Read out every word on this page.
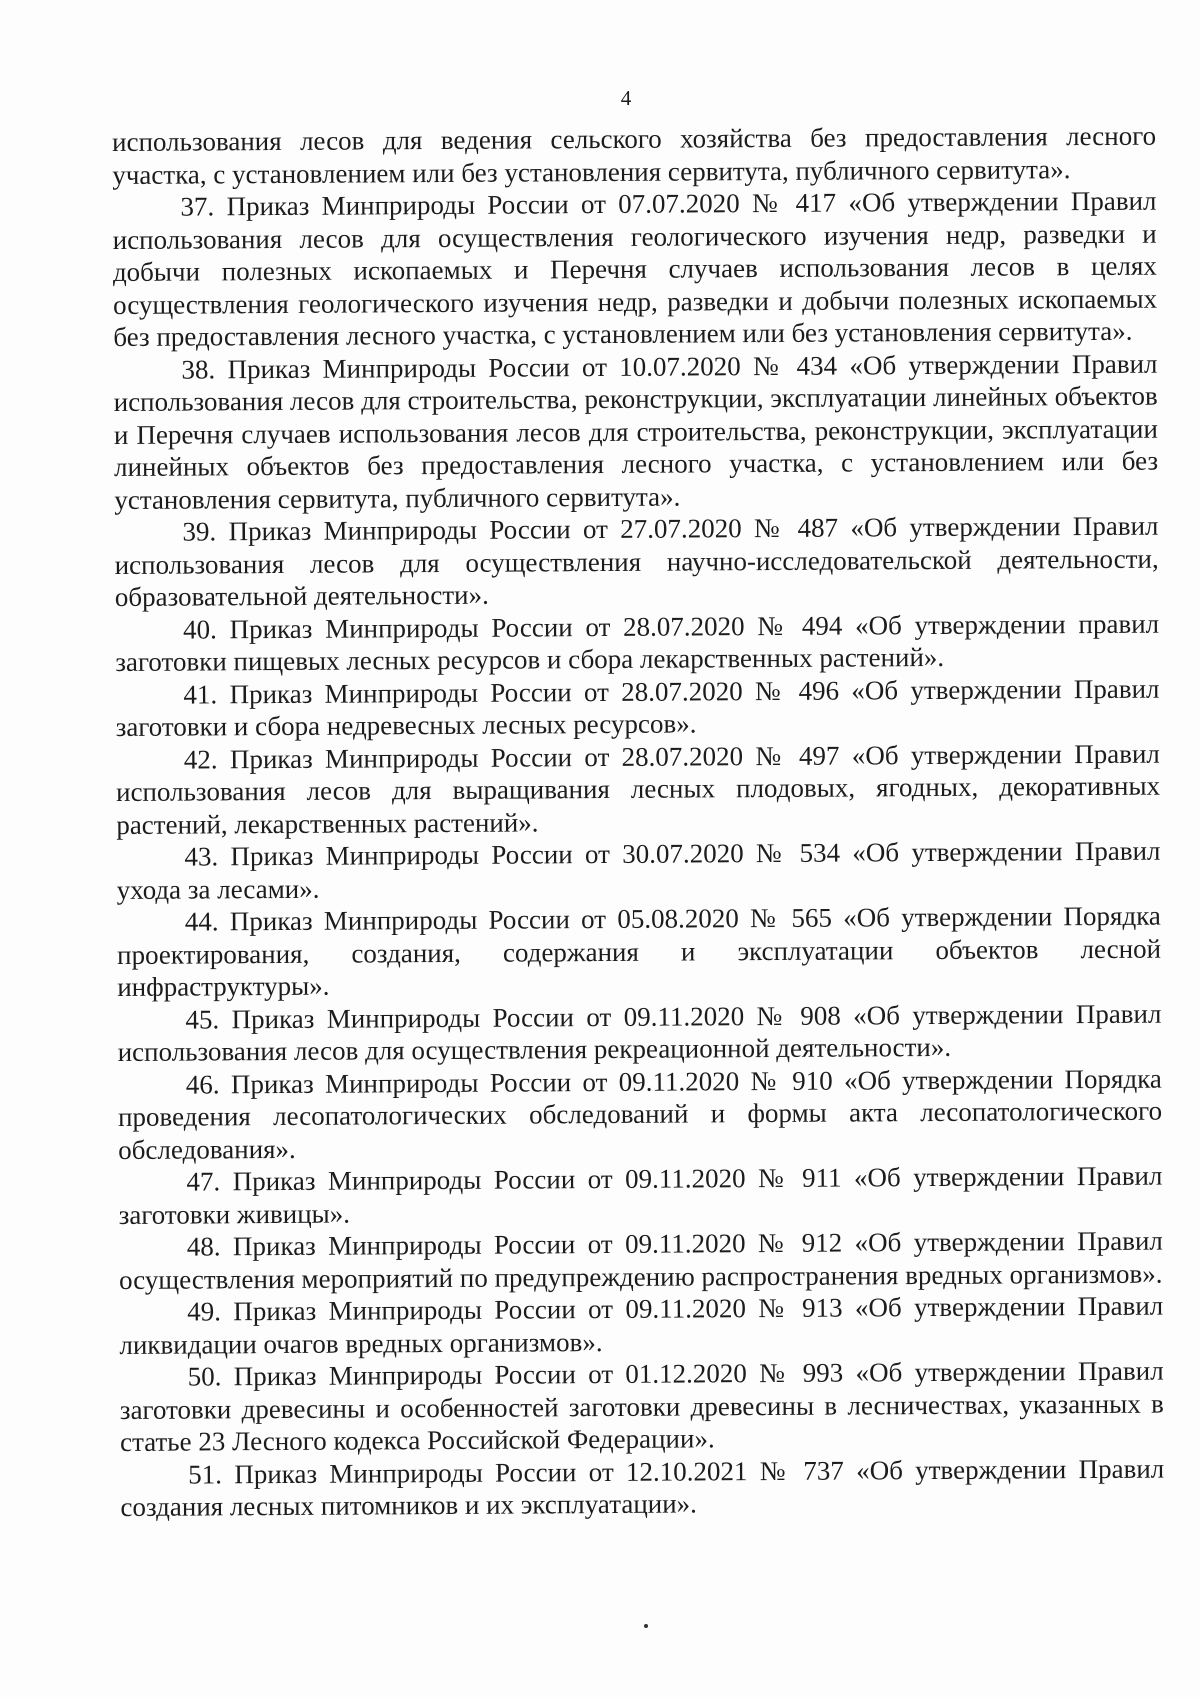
4

использования лесов для ведения сельского хозяйства без предоставления лесного участка, с установлением или без установления сервитута, публичного сервитута».

37. Приказ Минприроды России от 07.07.2020 № 417 «Об утверждении Правил использования лесов для осуществления геологического изучения недр, разведки и добычи полезных ископаемых и Перечня случаев использования лесов в целях осуществления геологического изучения недр, разведки и добычи полезных ископаемых без предоставления лесного участка, с установлением или без установления сервитута».

38. Приказ Минприроды России от 10.07.2020 № 434 «Об утверждении Правил использования лесов для строительства, реконструкции, эксплуатации линейных объектов и Перечня случаев использования лесов для строительства, реконструкции, эксплуатации линейных объектов без предоставления лесного участка, с установлением или без установления сервитута, публичного сервитута».

39. Приказ Минприроды России от 27.07.2020 № 487 «Об утверждении Правил использования лесов для осуществления научно-исследовательской деятельности, образовательной деятельности».

40. Приказ Минприроды России от 28.07.2020 № 494 «Об утверждении правил заготовки пищевых лесных ресурсов и сбора лекарственных растений».

41. Приказ Минприроды России от 28.07.2020 № 496 «Об утверждении Правил заготовки и сбора недревесных лесных ресурсов».

42. Приказ Минприроды России от 28.07.2020 № 497 «Об утверждении Правил использования лесов для выращивания лесных плодовых, ягодных, декоративных растений, лекарственных растений».

43. Приказ Минприроды России от 30.07.2020 № 534 «Об утверждении Правил ухода за лесами».

44. Приказ Минприроды России от 05.08.2020 № 565 «Об утверждении Порядка проектирования, создания, содержания и эксплуатации объектов лесной инфраструктуры».

45. Приказ Минприроды России от 09.11.2020 № 908 «Об утверждении Правил использования лесов для осуществления рекреационной деятельности».

46. Приказ Минприроды России от 09.11.2020 № 910 «Об утверждении Порядка проведения лесопатологических обследований и формы акта лесопатологического обследования».

47. Приказ Минприроды России от 09.11.2020 № 911 «Об утверждении Правил заготовки живицы».

48. Приказ Минприроды России от 09.11.2020 № 912 «Об утверждении Правил осуществления мероприятий по предупреждению распространения вредных организмов».

49. Приказ Минприроды России от 09.11.2020 № 913 «Об утверждении Правил ликвидации очагов вредных организмов».

50. Приказ Минприроды России от 01.12.2020 № 993 «Об утверждении Правил заготовки древесины и особенностей заготовки древесины в лесничествах, указанных в статье 23 Лесного кодекса Российской Федерации».

51. Приказ Минприроды России от 12.10.2021 № 737 «Об утверждении Правил создания лесных питомников и их эксплуатации».
